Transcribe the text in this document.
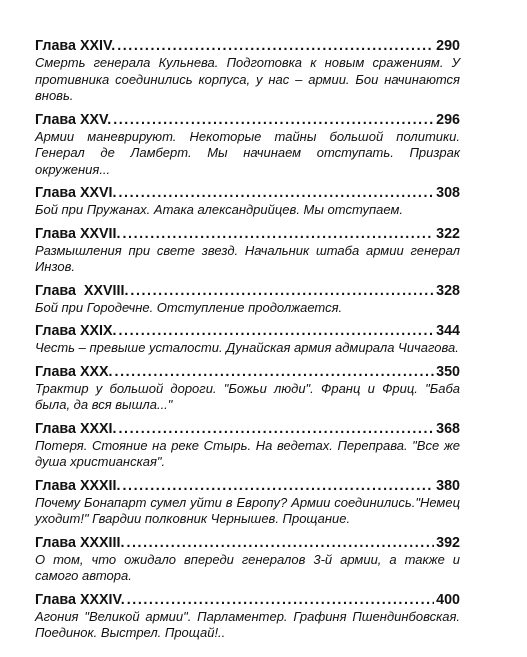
Глава XXIV. . . .	290
Смерть генерала Кульнева. Подготовка к новым сражениям. У противника соединились корпуса, у нас – армии. Бои начинаются вновь.
Глава XXV. . . .	296
Армии маневрируют. Некоторые тайны большой политики. Генерал де Ламберт. Мы начинаем отступать. Призрак окружения...
Глава XXVI. . . .	308
Бой при Пружанах. Атака александрийцев. Мы отступаем.
Глава XXVII. . . .	322
Размышления при свете звезд. Начальник штаба армии генерал Инзов.
Глава  XXVIII. . . .	328
Бой при Городечне. Отступление продолжается.
Глава XXIX. . . .	344
Честь – превыше усталости. Дунайская армия адмирала Чичагова.
Глава XXX. . . .	350
Трактир у большой дороги. "Божьи люди". Франц и Фриц. "Баба была, да вся вышла..."
Глава XXXI. . . .	368
Потеря. Стояние на реке Стырь. На ведетах. Переправа. "Все же душа христианская".
Глава XXXII. . . .	380
Почему Бонапарт сумел уйти в Европу? Армии соединились."Немец уходит!" Гвардии полковник Чернышев. Прощание.
Глава XXXIII. . . .	392
О том, что ожидало впереди генералов 3-й армии, а также и самого автора.
Глава XXXIV. . . .	400
Агония "Великой армии". Парламентер. Графиня Пшендинбовская. Поединок. Выстрел. Прощай!..
